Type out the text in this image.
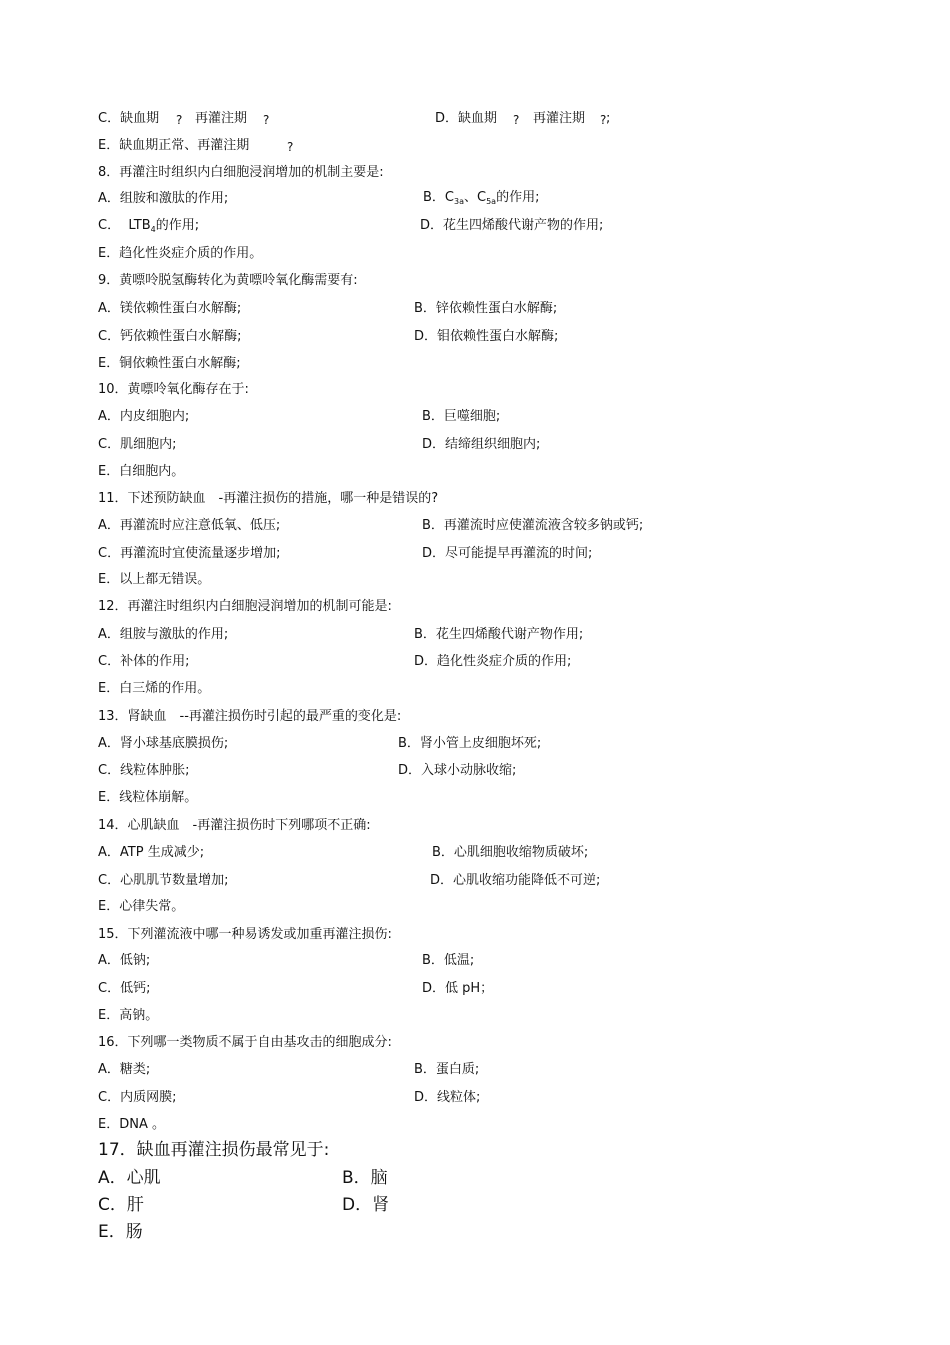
C．缺血期 ? 再灌注期 ?	D．缺血期 ? 再灌注期 ? ;
E．缺血期正常、再灌注期	?
8．再灌注时组织内白细胞浸润增加的机制主要是:
A．组胺和激肽的作用;	B．$C_{3a}$、$C_{5a}$的作用;
C． $LTB_4$的作用;	D．花生四烯酸代谢产物的作用;
E．趋化性炎症介质的作用。
9．黄嘌呤脱氢酶转化为黄嘌呤氧化酶需要有:
A．镁依赖性蛋白水解酶;	B．锌依赖性蛋白水解酶;
C．钙依赖性蛋白水解酶;	D．钼依赖性蛋白水解酶;
E．铜依赖性蛋白水解酶;
10．黄嘌呤氧化酶存在于:
A．内皮细胞内;	B．巨噬细胞;
C．肌细胞内;	D．结缔组织细胞内;
E．白细胞内。
11．下述预防缺血　-再灌注损伤的措施，哪一种是错误的?
A．再灌流时应注意低氧、低压;	B．再灌流时应使灌流液含较多钠或钙;
C．再灌流时宜使流量逐步增加;	D．尽可能提早再灌流的时间;
E．以上都无错误。
12．再灌注时组织内白细胞浸润增加的机制可能是:
A．组胺与激肽的作用;	B．花生四烯酸代谢产物作用;
C．补体的作用;	D．趋化性炎症介质的作用;
E．白三烯的作用。
13．肾缺血　--再灌注损伤时引起的最严重的变化是:
A．肾小球基底膜损伤;	B．肾小管上皮细胞坏死;
C．线粒体肿胀;	D．入球小动脉收缩;
E．线粒体崩解。
14．心肌缺血　-再灌注损伤时下列哪项不正确:
A．ATP 生成减少;	B．心肌细胞收缩物质破坏;
C．心肌肌节数量增加;	D．心肌收缩功能降低不可逆;
E．心律失常。
15．下列灌流液中哪一种易诱发或加重再灌注损伤:
A．低钠;	B．低温;
C．低钙;	D．低 pH；
E．高钠。
16．下列哪一类物质不属于自由基攻击的细胞成分:
A．糖类;	B．蛋白质;
C．内质网膜;	D．线粒体;
E．DNA 。
17．缺血再灌注损伤最常见于:
A．心肌	B．脑
C．肝	D．肾
E．肠
